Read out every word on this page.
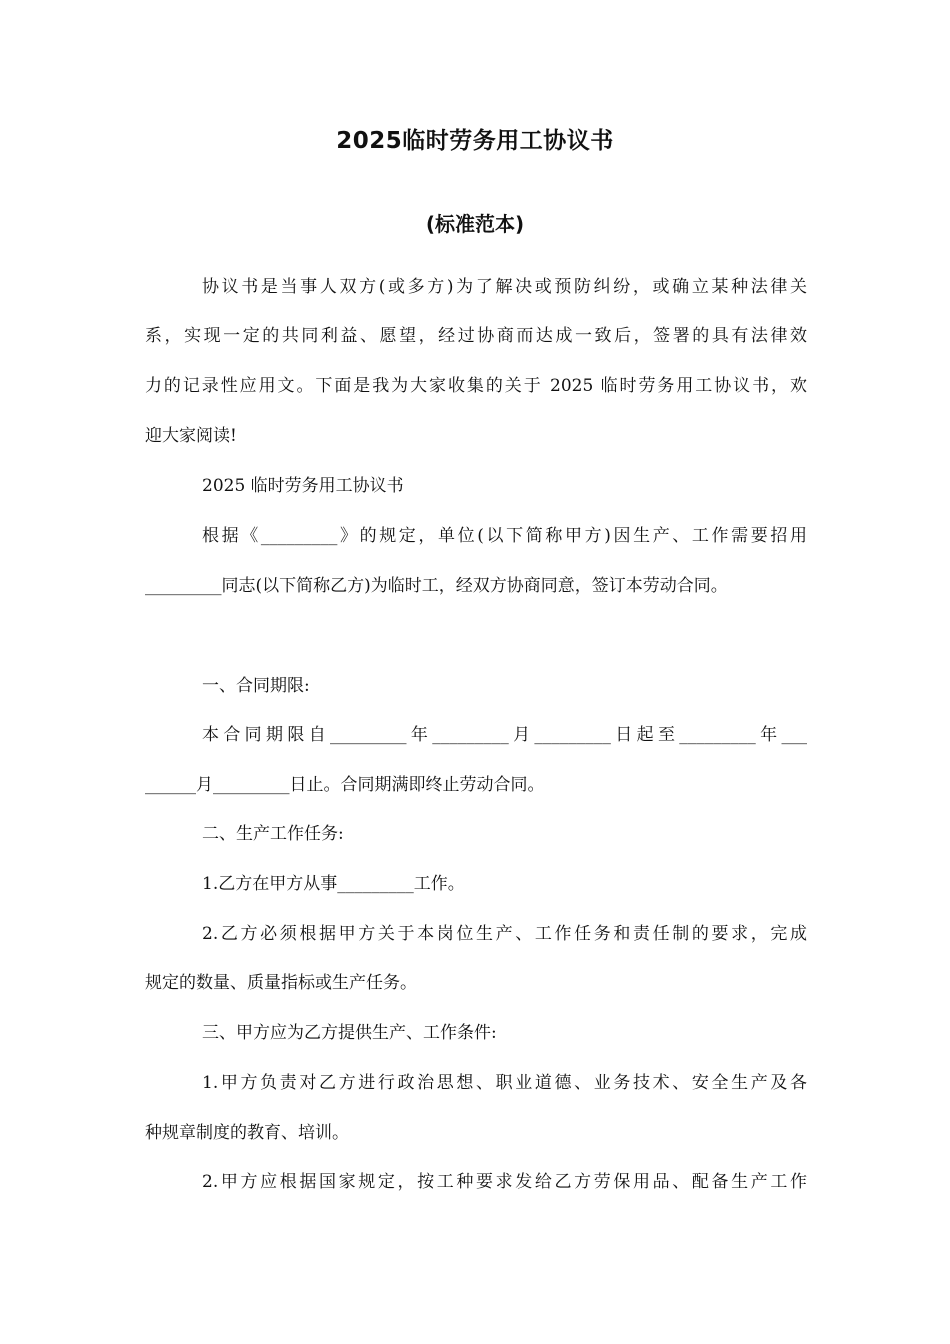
2025临时劳务用工协议书
(标准范本)
协议书是当事人双方(或多方)为了解决或预防纠纷，或确立某种法律关
系，实现一定的共同利益、愿望，经过协商而达成一致后，签署的具有法律效
力的记录性应用文。下面是我为大家收集的关于 2025 临时劳务用工协议书，欢
迎大家阅读!
2025 临时劳务用工协议书
根据《_________》的规定，单位(以下简称甲方)因生产、工作需要招用
_________同志(以下简称乙方)为临时工，经双方协商同意，签订本劳动合同。
一、合同期限:
本合同期限自_________年_________月_________日起至_________年___
______月_________日止。合同期满即终止劳动合同。
二、生产工作任务:
1.乙方在甲方从事_________工作。
2.乙方必须根据甲方关于本岗位生产、工作任务和责任制的要求，完成
规定的数量、质量指标或生产任务。
三、甲方应为乙方提供生产、工作条件:
1.甲方负责对乙方进行政治思想、职业道德、业务技术、安全生产及各
种规章制度的教育、培训。
2.甲方应根据国家规定，按工种要求发给乙方劳保用品、配备生产工作
